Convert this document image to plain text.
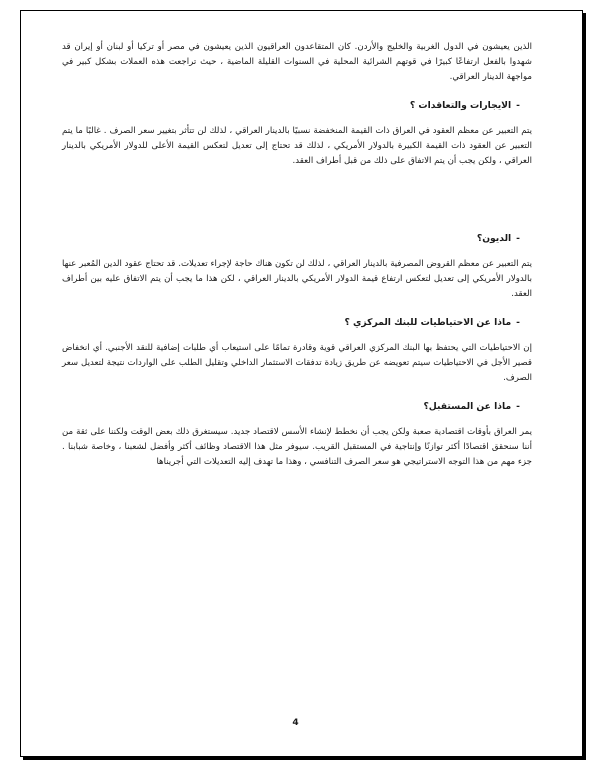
الذين يعيشون في الدول الغربية والخليج والأردن. كان المتقاعدون العراقيون الذين يعيشون في مصر أو تركيا أو لبنان أو إيران قد شهدوا بالفعل ارتفاعًا كبيرًا في قوتهم الشرائية المحلية في السنوات القليلة الماضية ، حيث تراجعت هذه العملات بشكل كبير في مواجهة الدينار العراقي.

-
الايجارات والتعاقدات ؟

يتم التعبير عن معظم العقود في العراق ذات القيمة المنخفضة نسبيًا بالدينار العراقي ، لذلك لن تتأثر بتغيير سعر الصرف . غالبًا ما يتم التعبير عن العقود ذات القيمة الكبيرة بالدولار الأمريكي ، لذلك قد تحتاج إلى تعديل لتعكس القيمة الأعلى للدولار الأمريكي بالدينار العراقي ، ولكن يجب أن يتم الاتفاق على ذلك من قبل أطراف العقد.

-
الديون؟

يتم التعبير عن معظم القروض المصرفية بالدينار العراقي ، لذلك لن تكون هناك حاجة لإجراء تعديلات. قد تحتاج عقود الدين المُعبر عنها بالدولار الأمريكي إلى تعديل لتعكس ارتفاع قيمة الدولار الأمريكي بالدينار العراقي ، لكن هذا ما يجب أن يتم الاتفاق عليه بين أطراف العقد.

-
ماذا عن الاحتياطيات للبنك المركزي ؟

إن الاحتياطيات التي يحتفظ بها البنك المركزي العراقي قوية وقادرة تمامًا على استيعاب أي طلبات إضافية للنقد الأجنبي. أي انخفاض قصير الأجل في الاحتياطيات سيتم تعويضه عن طريق زيادة تدفقات الاستثمار الداخلي وتقليل الطلب على الواردات نتيجة لتعديل سعر الصرف.

-
ماذا عن المستقبل؟

يمر العراق بأوقات اقتصادية صعبة ولكن يجب أن نخطط لإنشاء الأسس لاقتصاد جديد. سيستغرق ذلك بعض الوقت ولكننا على ثقة من أننا سنحقق اقتصادًا أكثر توازنًا وإنتاجية في المستقبل القريب. سيوفر مثل هذا الاقتصاد وظائف أكثر وأفضل لشعبنا ، وخاصة شبابنا . جزء مهم من هذا التوجه الاستراتيجي هو سعر الصرف التنافسي ، وهذا ما تهدف إليه التعديلات التي أجريناها

4
